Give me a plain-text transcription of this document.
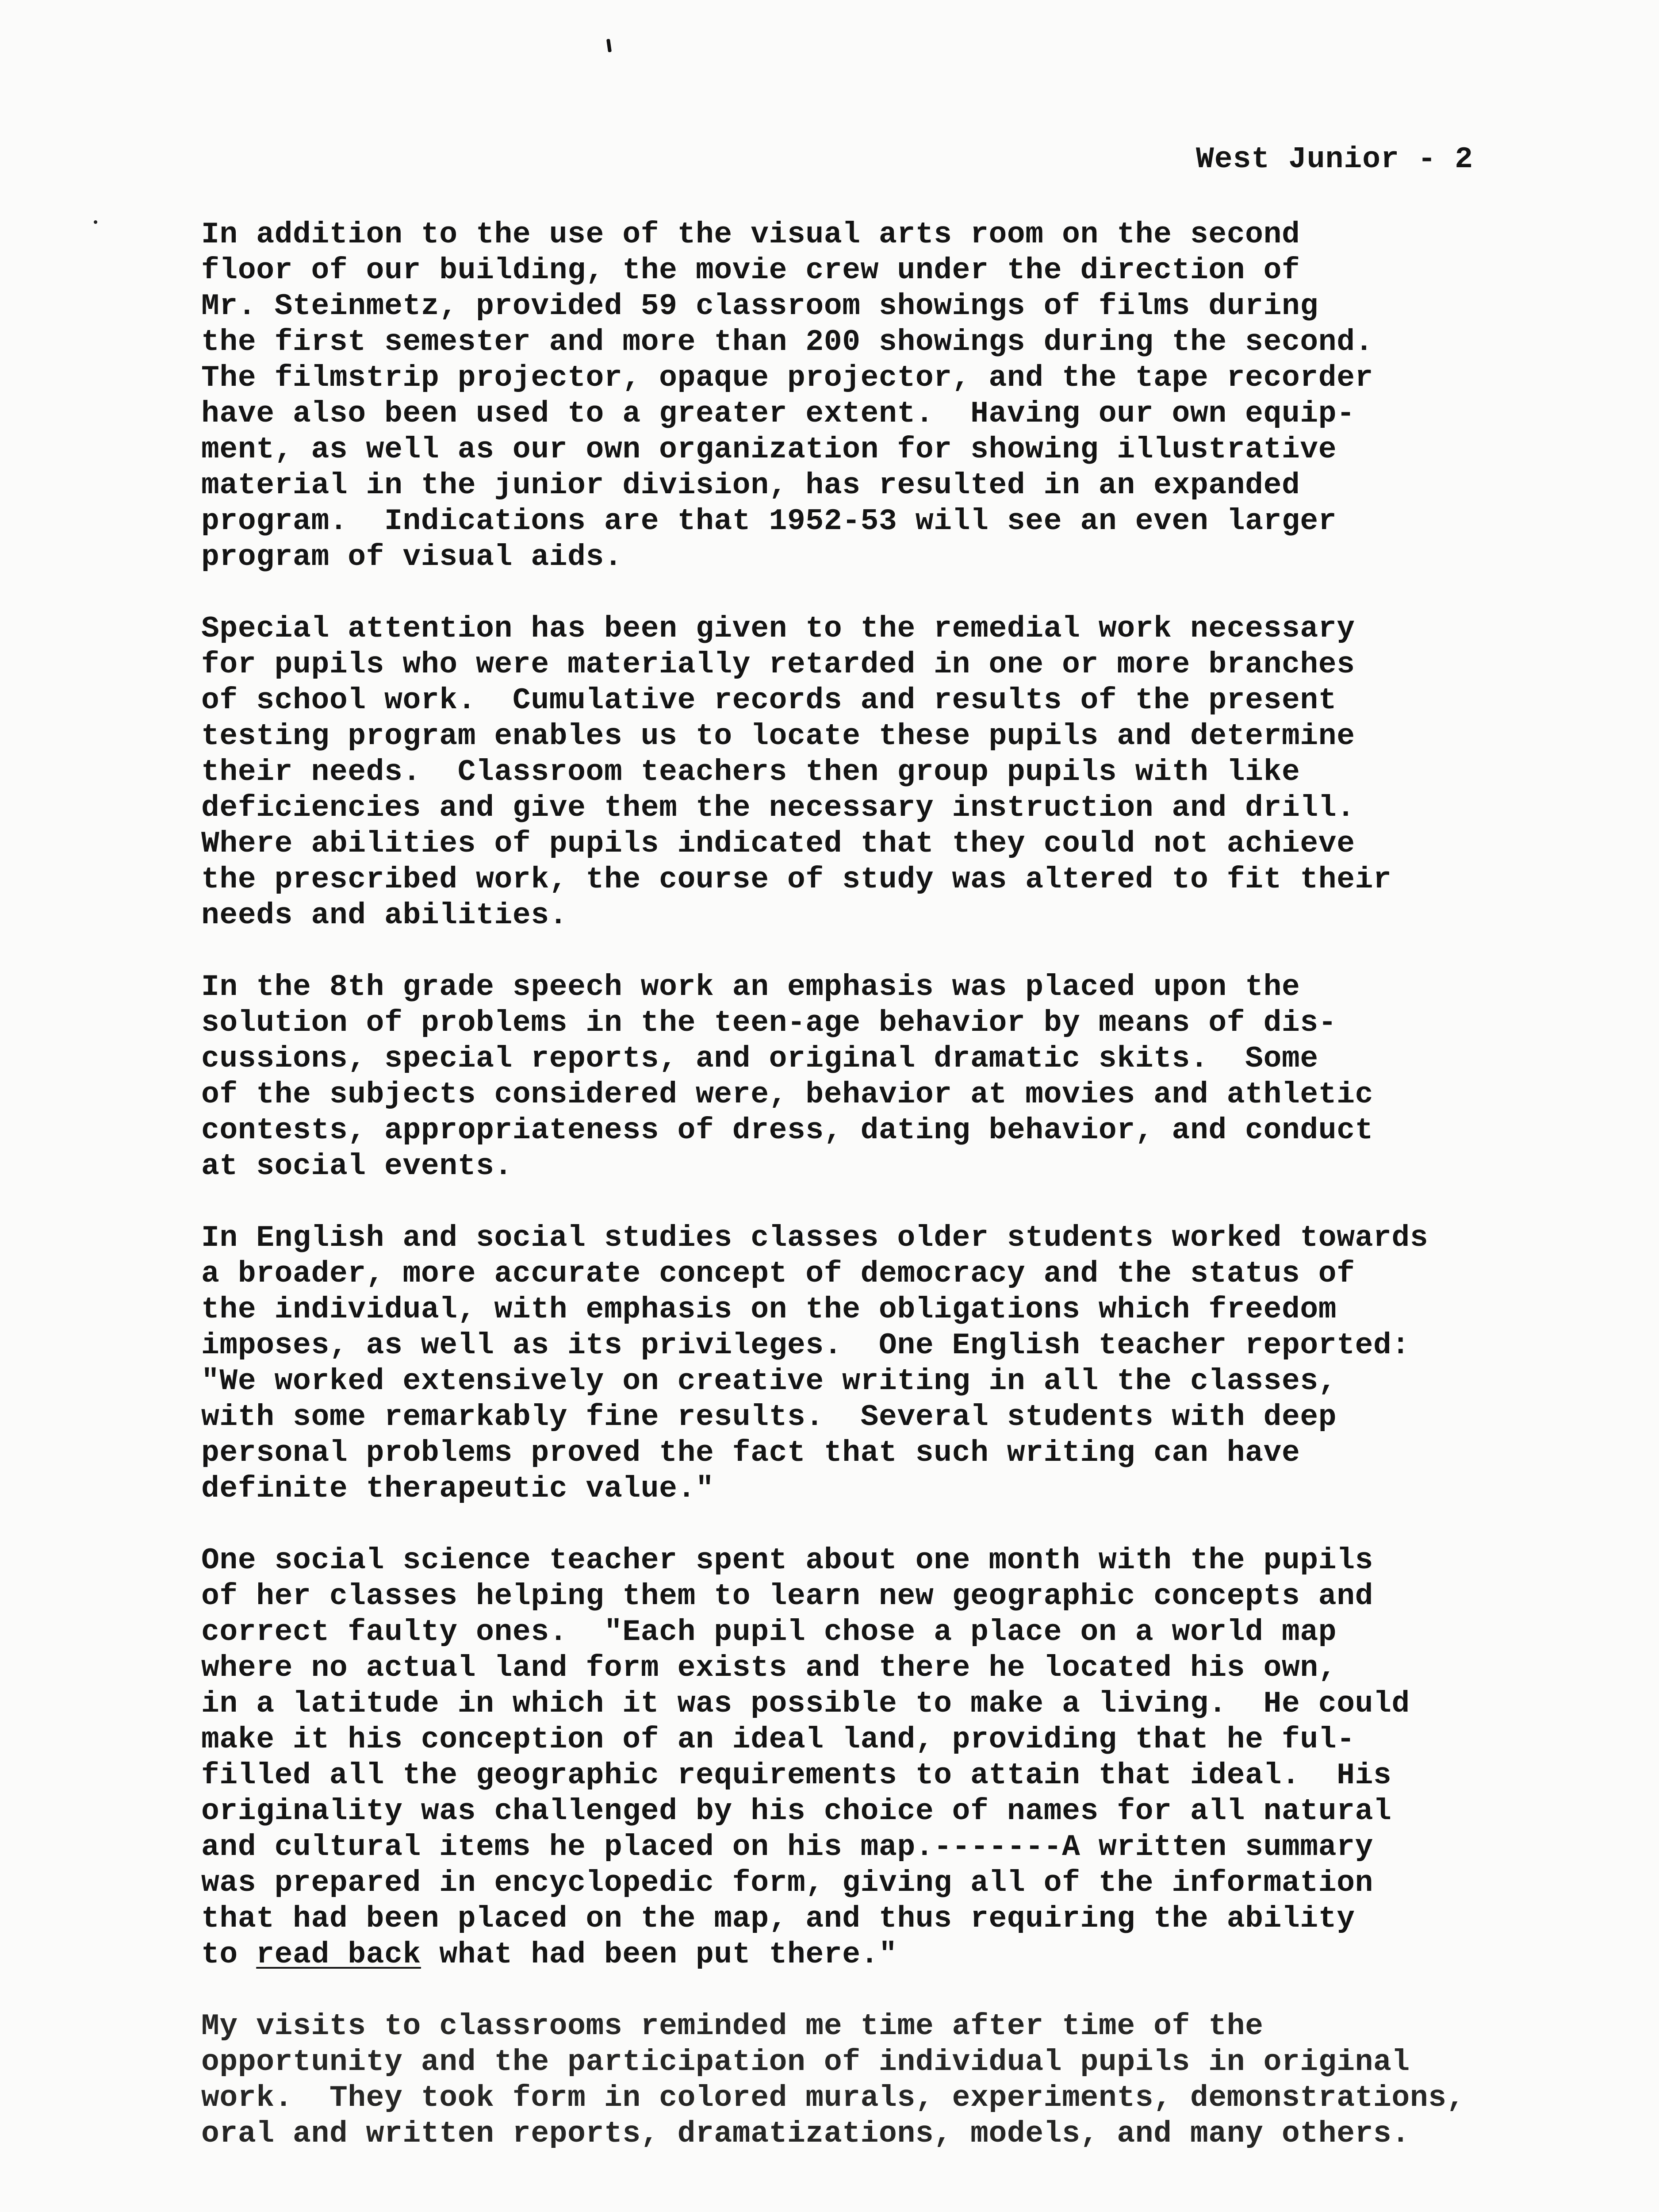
West Junior - 2
In addition to the use of the visual arts room on the second
floor of our building, the movie crew under the direction of
Mr. Steinmetz, provided 59 classroom showings of films during
the first semester and more than 200 showings during the second.
The filmstrip projector, opaque projector, and the tape recorder
have also been used to a greater extent.  Having our own equip-
ment, as well as our own organization for showing illustrative
material in the junior division, has resulted in an expanded
program.  Indications are that 1952-53 will see an even larger
program of visual aids.
Special attention has been given to the remedial work necessary
for pupils who were materially retarded in one or more branches
of school work.  Cumulative records and results of the present
testing program enables us to locate these pupils and determine
their needs.  Classroom teachers then group pupils with like
deficiencies and give them the necessary instruction and drill.
Where abilities of pupils indicated that they could not achieve
the prescribed work, the course of study was altered to fit their
needs and abilities.
In the 8th grade speech work an emphasis was placed upon the
solution of problems in the teen-age behavior by means of dis-
cussions, special reports, and original dramatic skits.  Some
of the subjects considered were, behavior at movies and athletic
contests, appropriateness of dress, dating behavior, and conduct
at social events.
In English and social studies classes older students worked towards
a broader, more accurate concept of democracy and the status of
the individual, with emphasis on the obligations which freedom
imposes, as well as its privileges.  One English teacher reported:
"We worked extensively on creative writing in all the classes,
with some remarkably fine results.  Several students with deep
personal problems proved the fact that such writing can have
definite therapeutic value."
One social science teacher spent about one month with the pupils
of her classes helping them to learn new geographic concepts and
correct faulty ones.  "Each pupil chose a place on a world map
where no actual land form exists and there he located his own,
in a latitude in which it was possible to make a living.  He could
make it his conception of an ideal land, providing that he ful-
filled all the geographic requirements to attain that ideal.  His
originality was challenged by his choice of names for all natural
and cultural items he placed on his map.-------A written summary
was prepared in encyclopedic form, giving all of the information
that had been placed on the map, and thus requiring the ability
to read back what had been put there."
My visits to classrooms reminded me time after time of the
opportunity and the participation of individual pupils in original
work.  They took form in colored murals, experiments, demonstrations,
oral and written reports, dramatizations, models, and many others.
